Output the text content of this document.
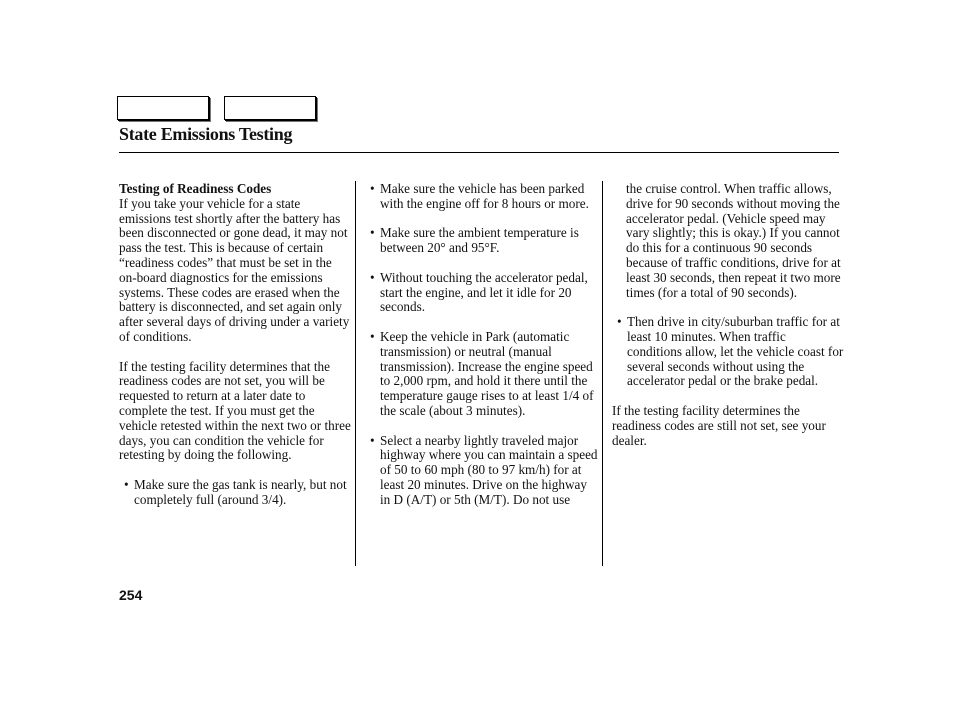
State Emissions Testing

Testing of Readiness Codes
If you take your vehicle for a state emissions test shortly after the battery has been disconnected or gone dead, it may not pass the test. This is because of certain “readiness codes” that must be set in the on-board diagnostics for the emissions systems. These codes are erased when the battery is disconnected, and set again only after several days of driving under a variety of conditions.

If the testing facility determines that the readiness codes are not set, you will be requested to return at a later date to complete the test. If you must get the vehicle retested within the next two or three days, you can condition the vehicle for retesting by doing the following.

• Make sure the gas tank is nearly, but not completely full (around 3/4).
• Make sure the vehicle has been parked with the engine off for 8 hours or more.
• Make sure the ambient temperature is between 20° and 95°F.
• Without touching the accelerator pedal, start the engine, and let it idle for 20 seconds.
• Keep the vehicle in Park (automatic transmission) or neutral (manual transmission). Increase the engine speed to 2,000 rpm, and hold it there until the temperature gauge rises to at least 1/4 of the scale (about 3 minutes).
• Select a nearby lightly traveled major highway where you can maintain a speed of 50 to 60 mph (80 to 97 km/h) for at least 20 minutes. Drive on the highway in D (A/T) or 5th (M/T). Do not use
the cruise control. When traffic allows, drive for 90 seconds without moving the accelerator pedal. (Vehicle speed may vary slightly; this is okay.) If you cannot do this for a continuous 90 seconds because of traffic conditions, drive for at least 30 seconds, then repeat it two more times (for a total of 90 seconds).
• Then drive in city/suburban traffic for at least 10 minutes. When traffic conditions allow, let the vehicle coast for several seconds without using the accelerator pedal or the brake pedal.

If the testing facility determines the readiness codes are still not set, see your dealer.

254
